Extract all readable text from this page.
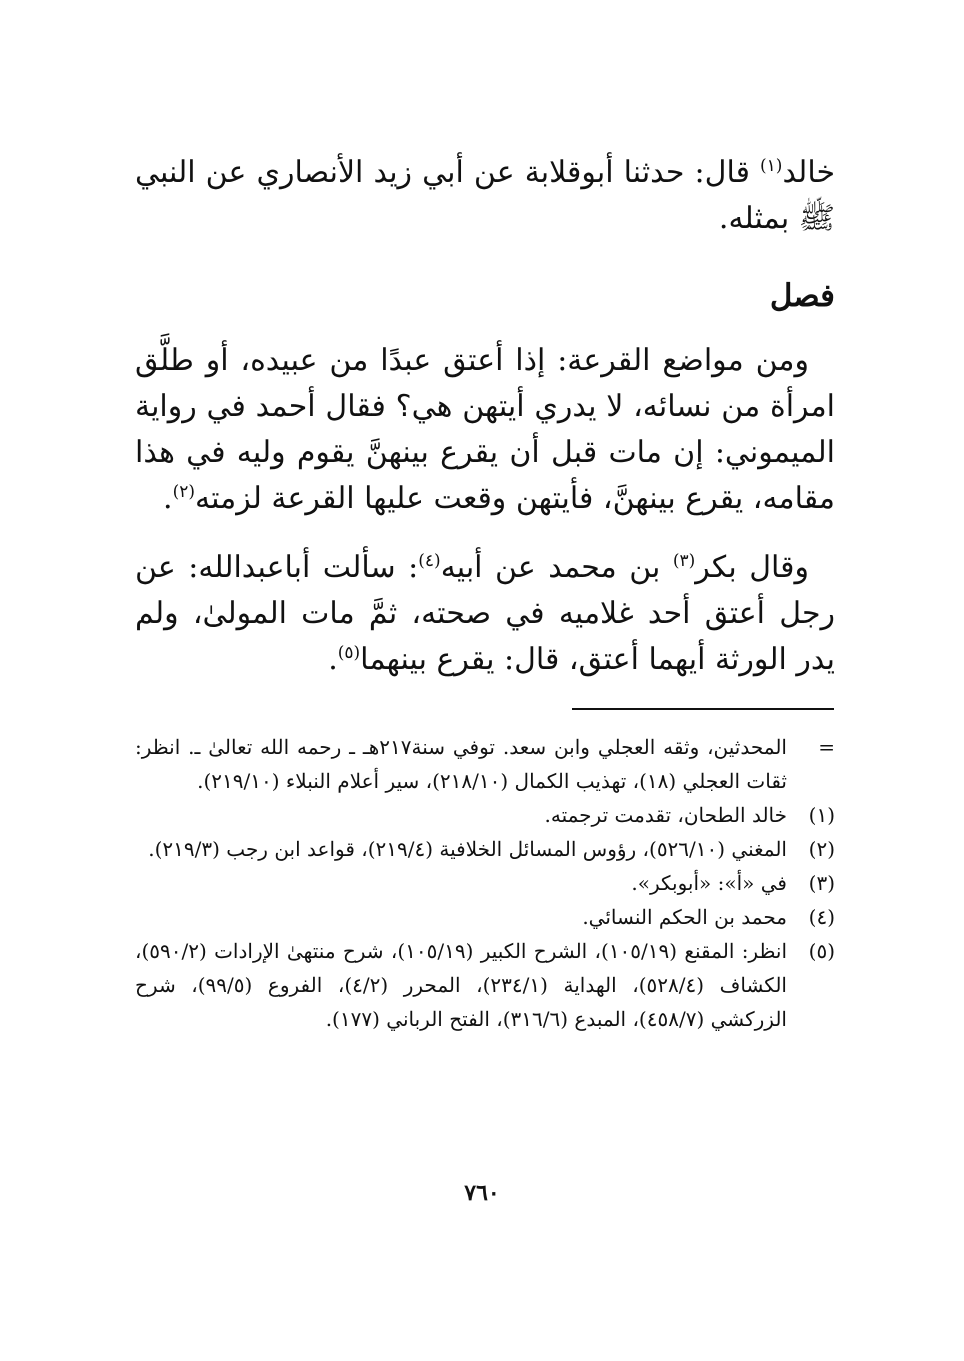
خالد$^{(١)}$ قال: حدثنا أبوقلابة عن أبي زيد الأنصاري عن النبي ﷺ بمثله.

فصل

ومن مواضع القرعة: إذا أعتق عبدًا من عبيده، أو طلَّق امرأة من نسائه، لا يدري أيتهن هي؟ فقال أحمد في رواية الميموني: إن مات قبل أن يقرع بينهنَّ يقوم وليه في هذا مقامه، يقرع بينهنَّ، فأيتهن وقعت عليها القرعة لزمته$^{(٢)}$.

وقال بكر$^{(٣)}$ بن محمد عن أبيه$^{(٤)}$: سألت أباعبدالله: عن رجل أعتق أحد غلاميه في صحته، ثمَّ مات المولىٰ، ولم يدر الورثة أيهما أعتق، قال: يقرع بينهما$^{(٥)}$.

=
المحدثين، وثقه العجلي وابن سعد. توفي سنة٢١٧هـ ـ رحمه الله تعالىٰ ـ. انظر: ثقات العجلي (١٨)، تهذيب الكمال (٢١٨/١٠)، سير أعلام النبلاء (٢١٩/١٠).
(١)
خالد الطحان، تقدمت ترجمته.
(٢)
المغني (٥٢٦/١٠)، رؤوس المسائل الخلافية (٢١٩/٤)، قواعد ابن رجب (٢١٩/٣).
(٣)
في «أ»: «أبوبكر».
(٤)
محمد بن الحكم النسائي.
(٥)
انظر: المقنع (١٠٥/١٩)، الشرح الكبير (١٠٥/١٩)، شرح منتهىٰ الإرادات (٥٩٠/٢)، الكشاف (٥٢٨/٤)، الهداية (٢٣٤/١)، المحرر (٤/٢)، الفروع (٩٩/٥)، شرح الزركشي (٤٥٨/٧)، المبدع (٣١٦/٦)، الفتح الرباني (١٧٧).
٧٦٠
